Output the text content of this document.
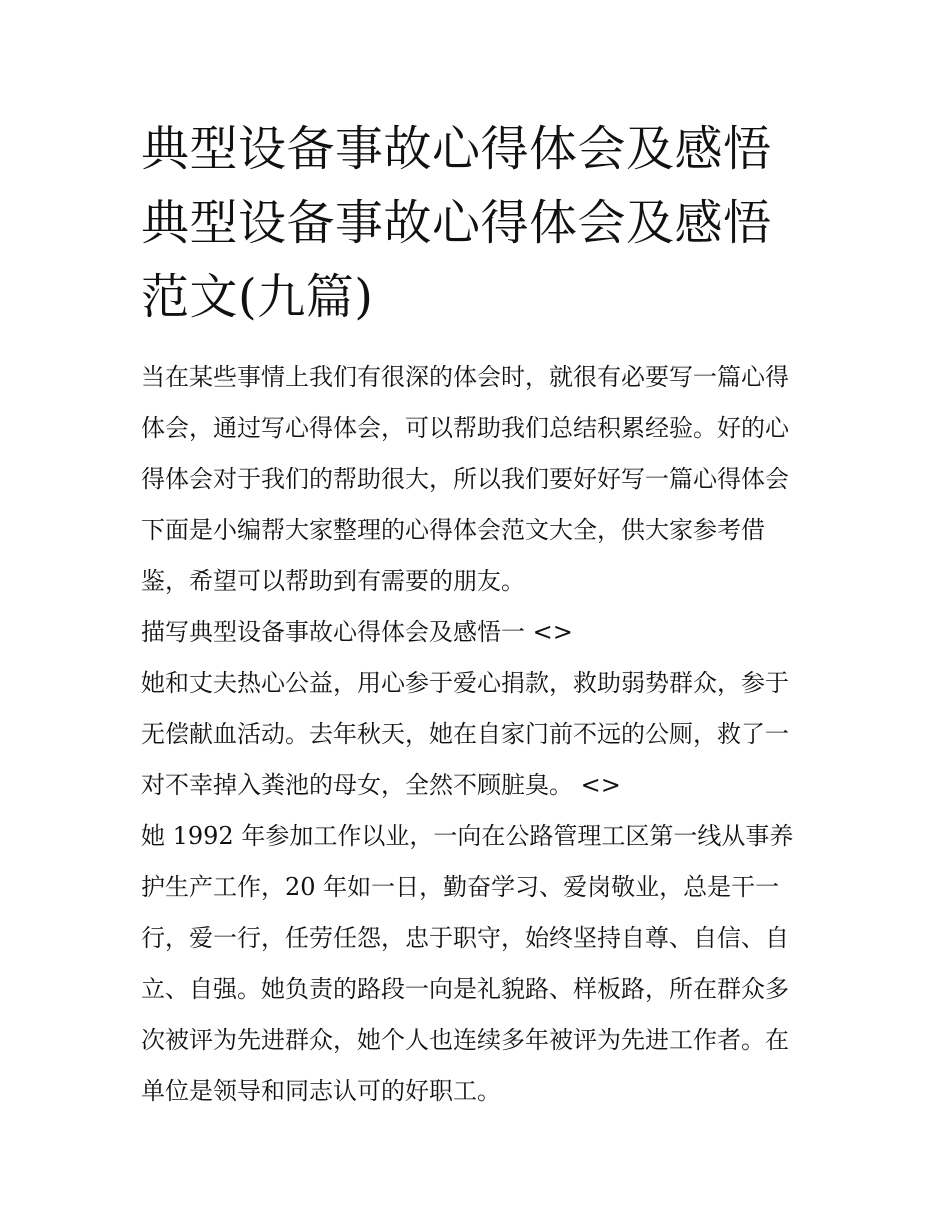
典型设备事故心得体会及感悟
典型设备事故心得体会及感悟
范文(九篇)
当在某些事情上我们有很深的体会时，就很有必要写一篇心得
体会，通过写心得体会，可以帮助我们总结积累经验。好的心
得体会对于我们的帮助很大，所以我们要好好写一篇心得体会
下面是小编帮大家整理的心得体会范文大全，供大家参考借
鉴，希望可以帮助到有需要的朋友。
描写典型设备事故心得体会及感悟一 <>
她和丈夫热心公益，用心参于爱心捐款，救助弱势群众，参于
无偿献血活动。去年秋天，她在自家门前不远的公厕，救了一
对不幸掉入粪池的母女，全然不顾脏臭。 <>
她 1992 年参加工作以业，一向在公路管理工区第一线从事养
护生产工作，20 年如一日，勤奋学习、爱岗敬业，总是干一
行，爱一行，任劳任怨，忠于职守，始终坚持自尊、自信、自
立、自强。她负责的路段一向是礼貌路、样板路，所在群众多
次被评为先进群众，她个人也连续多年被评为先进工作者。在
单位是领导和同志认可的好职工。
